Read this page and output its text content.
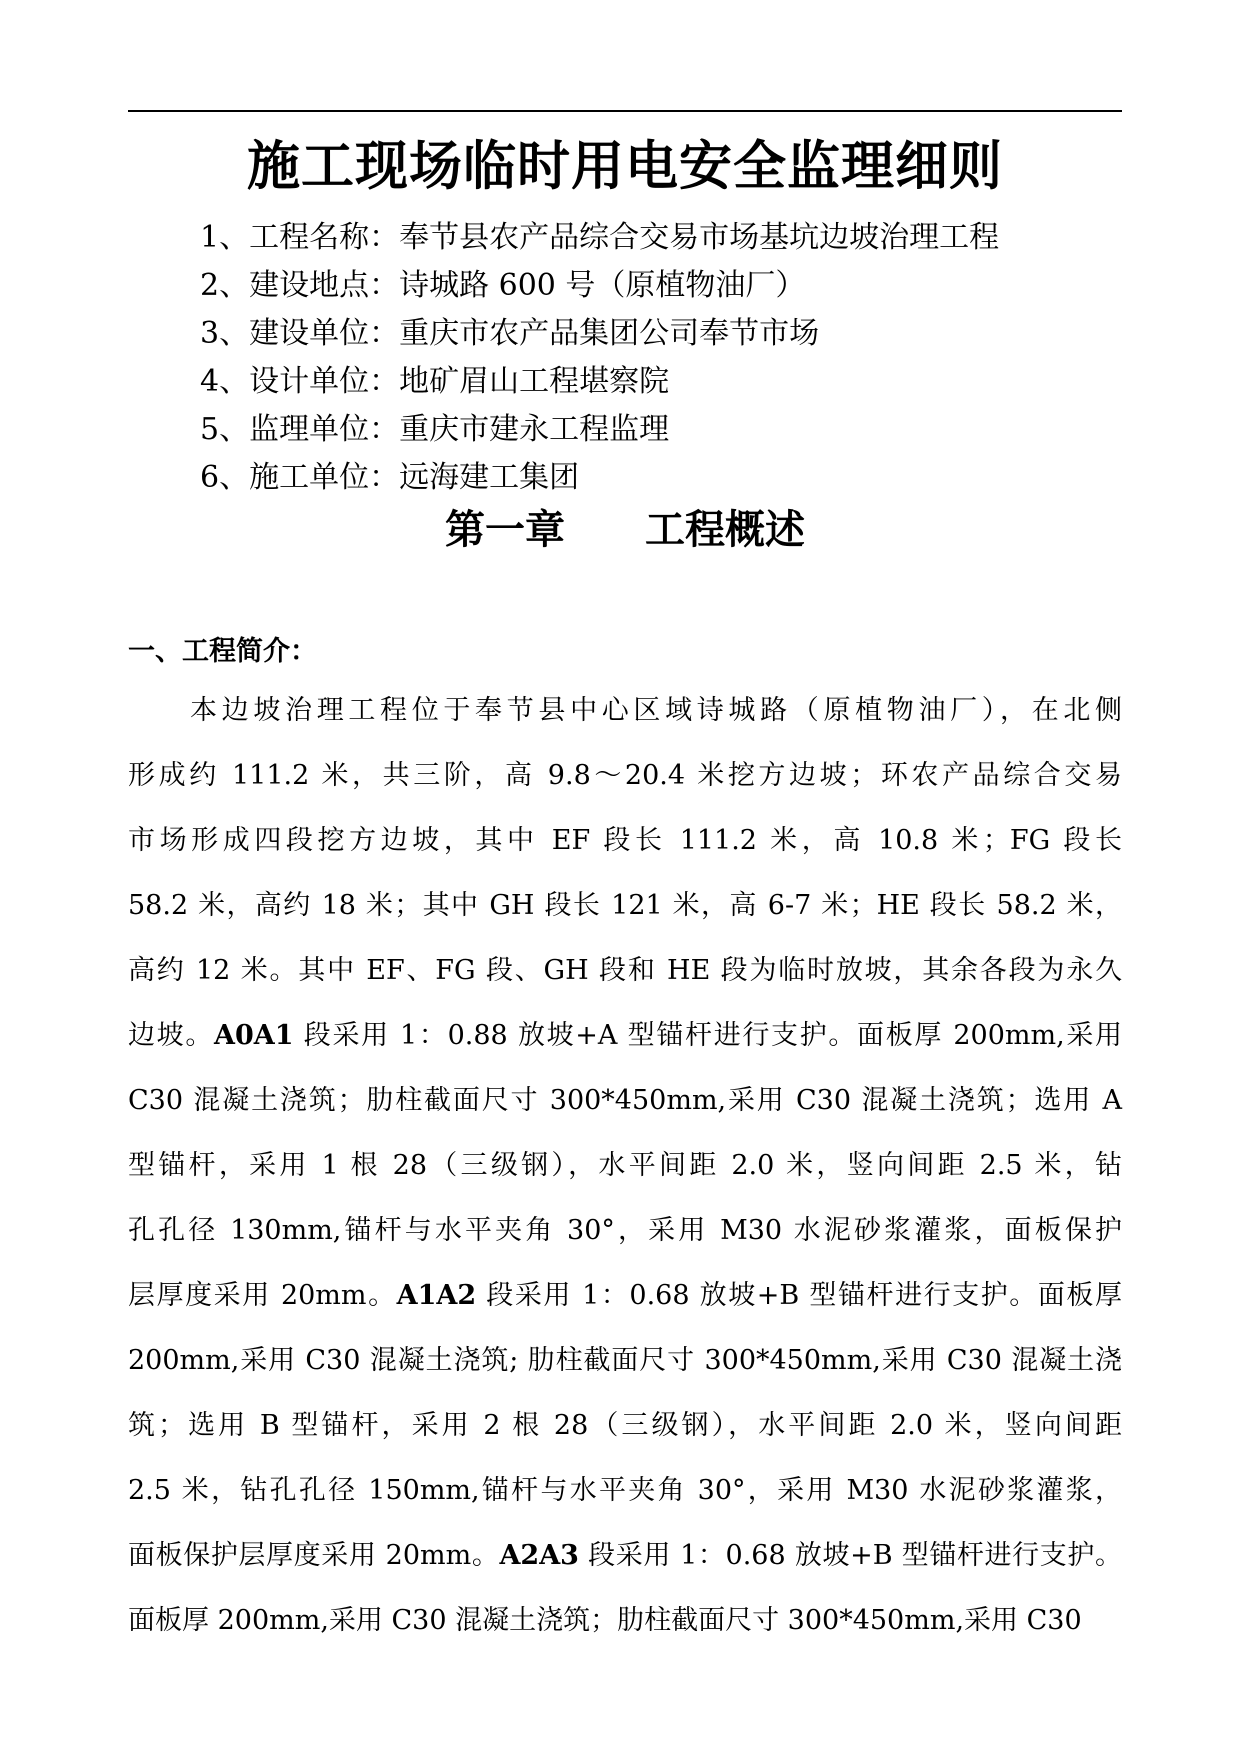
施工现场临时用电安全监理细则
1、工程名称：奉节县农产品综合交易市场基坑边坡治理工程
2、建设地点：诗城路 600 号（原植物油厂）
3、建设单位：重庆市农产品集团公司奉节市场
4、设计单位：地矿眉山工程堪察院
5、监理单位：重庆市建永工程监理
6、施工单位：远海建工集团
第一章　　工程概述
一、工程简介：
本边坡治理工程位于奉节县中心区域诗城路（原植物油厂），在北侧
形成约 111.2 米，共三阶，高 9.8～20.4 米挖方边坡；环农产品综合交易
市场形成四段挖方边坡，其中 EF 段长 111.2 米，高 10.8 米；FG 段长
58.2 米，高约 18 米；其中 GH 段长 121 米，高 6-7 米；HE 段长 58.2 米，
高约 12 米。其中 EF、FG 段、GH 段和 HE 段为临时放坡，其余各段为永久
边坡。A0A1 段采用 1：0.88 放坡+A 型锚杆进行支护。面板厚 200mm,采用
C30 混凝土浇筑；肋柱截面尺寸 300*450mm,采用 C30 混凝土浇筑；选用 A
型锚杆，采用 1 根 28（三级钢），水平间距 2.0 米，竖向间距 2.5 米，钻
孔孔径 130mm,锚杆与水平夹角 30°，采用 M30 水泥砂浆灌浆，面板保护
层厚度采用 20mm。A1A2 段采用 1：0.68 放坡+B 型锚杆进行支护。面板厚
200mm,采用 C30 混凝土浇筑; 肋柱截面尺寸 300*450mm,采用 C30 混凝土浇
筑；选用 B 型锚杆，采用 2 根 28（三级钢），水平间距 2.0 米，竖向间距
2.5 米，钻孔孔径 150mm,锚杆与水平夹角 30°，采用 M30 水泥砂浆灌浆，
面板保护层厚度采用 20mm。A2A3 段采用 1：0.68 放坡+B 型锚杆进行支护。
面板厚 200mm,采用 C30 混凝土浇筑；肋柱截面尺寸 300*450mm,采用 C30
